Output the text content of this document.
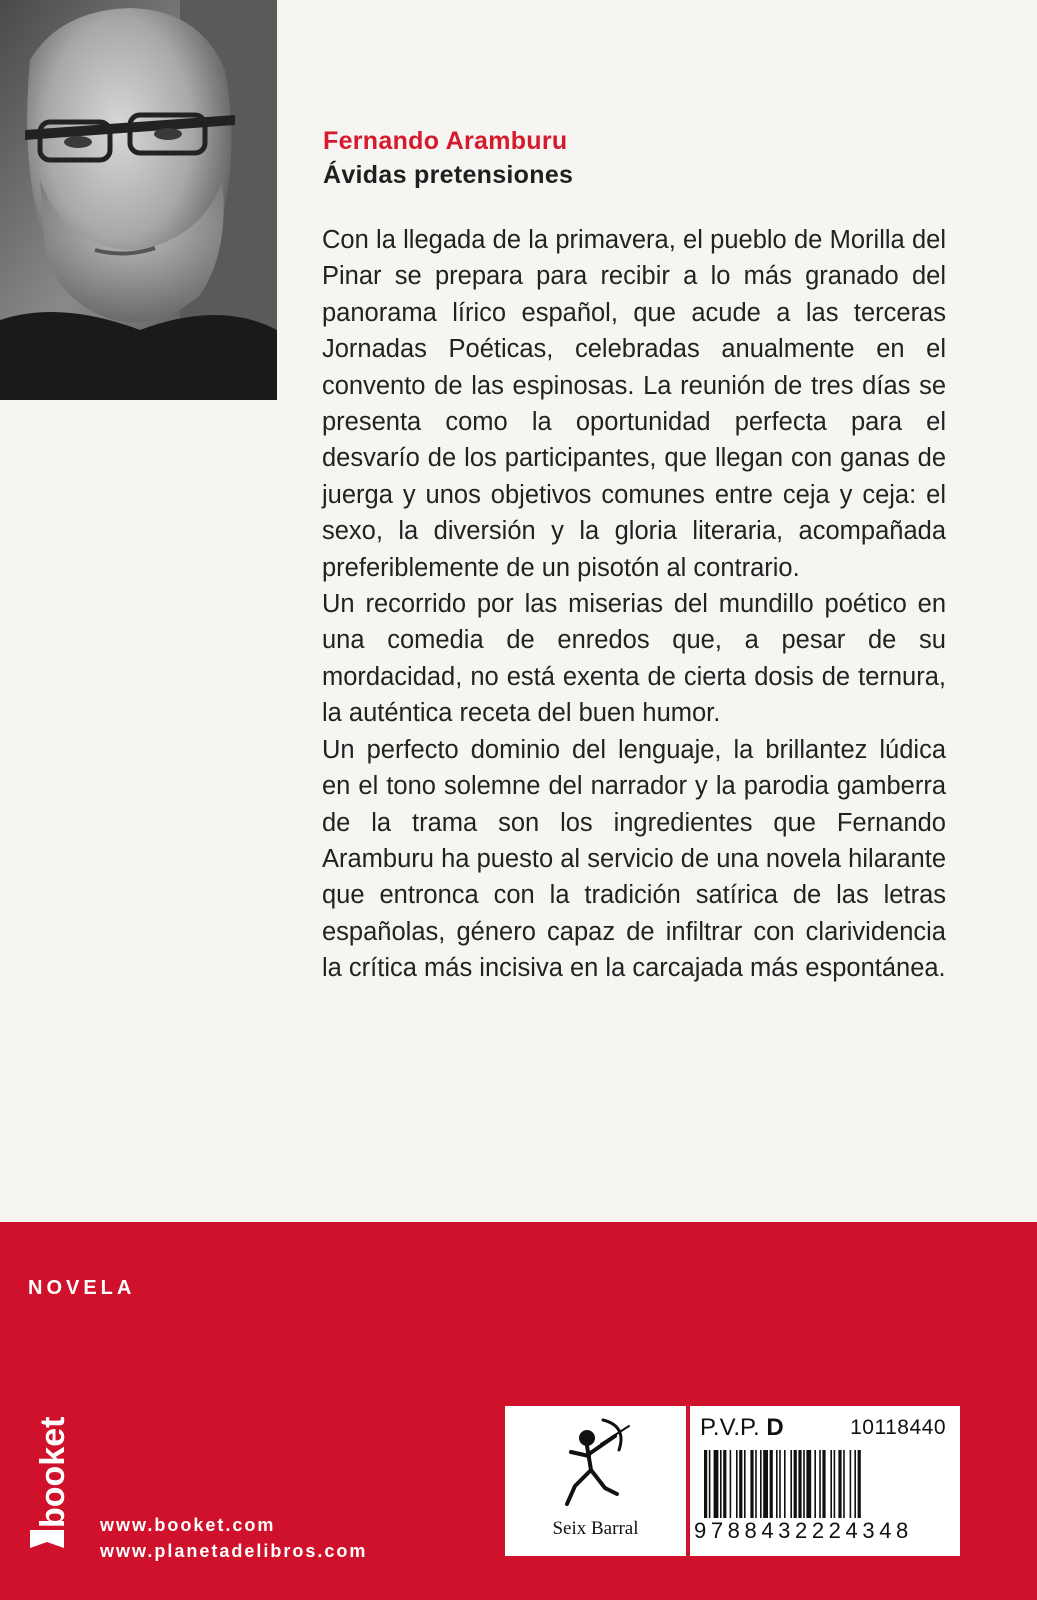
Fernando Aramburu
Ávidas pretensiones

Con la llegada de la primavera, el pueblo de Morilla del Pinar se prepara para recibir a lo más granado del panorama lírico español, que acude a las terceras Jornadas Poéticas, celebradas anualmente en el convento de las espinosas. La reunión de tres días se presenta como la oportunidad perfecta para el desvarío de los participantes, que llegan con ganas de juerga y unos objetivos comunes entre ceja y ceja: el sexo, la diversión y la gloria literaria, acompañada preferiblemente de un pisotón al contrario.

Un recorrido por las miserias del mundillo poético en una comedia de enredos que, a pesar de su mordacidad, no está exenta de cierta dosis de ternura, la auténtica receta del buen humor.

Un perfecto dominio del lenguaje, la brillantez lúdica en el tono solemne del narrador y la parodia gamberra de la trama son los ingredientes que Fernando Aramburu ha puesto al servicio de una novela hilarante que entronca con la tradición satírica de las letras españolas, género capaz de infiltrar con clarividencia la crítica más incisiva en la carcajada más espontánea.

NOVELA
booket www.booket.com
www.planetadelibros.com
Seix Barral
P.V.P. D	10118440
9788432224348
